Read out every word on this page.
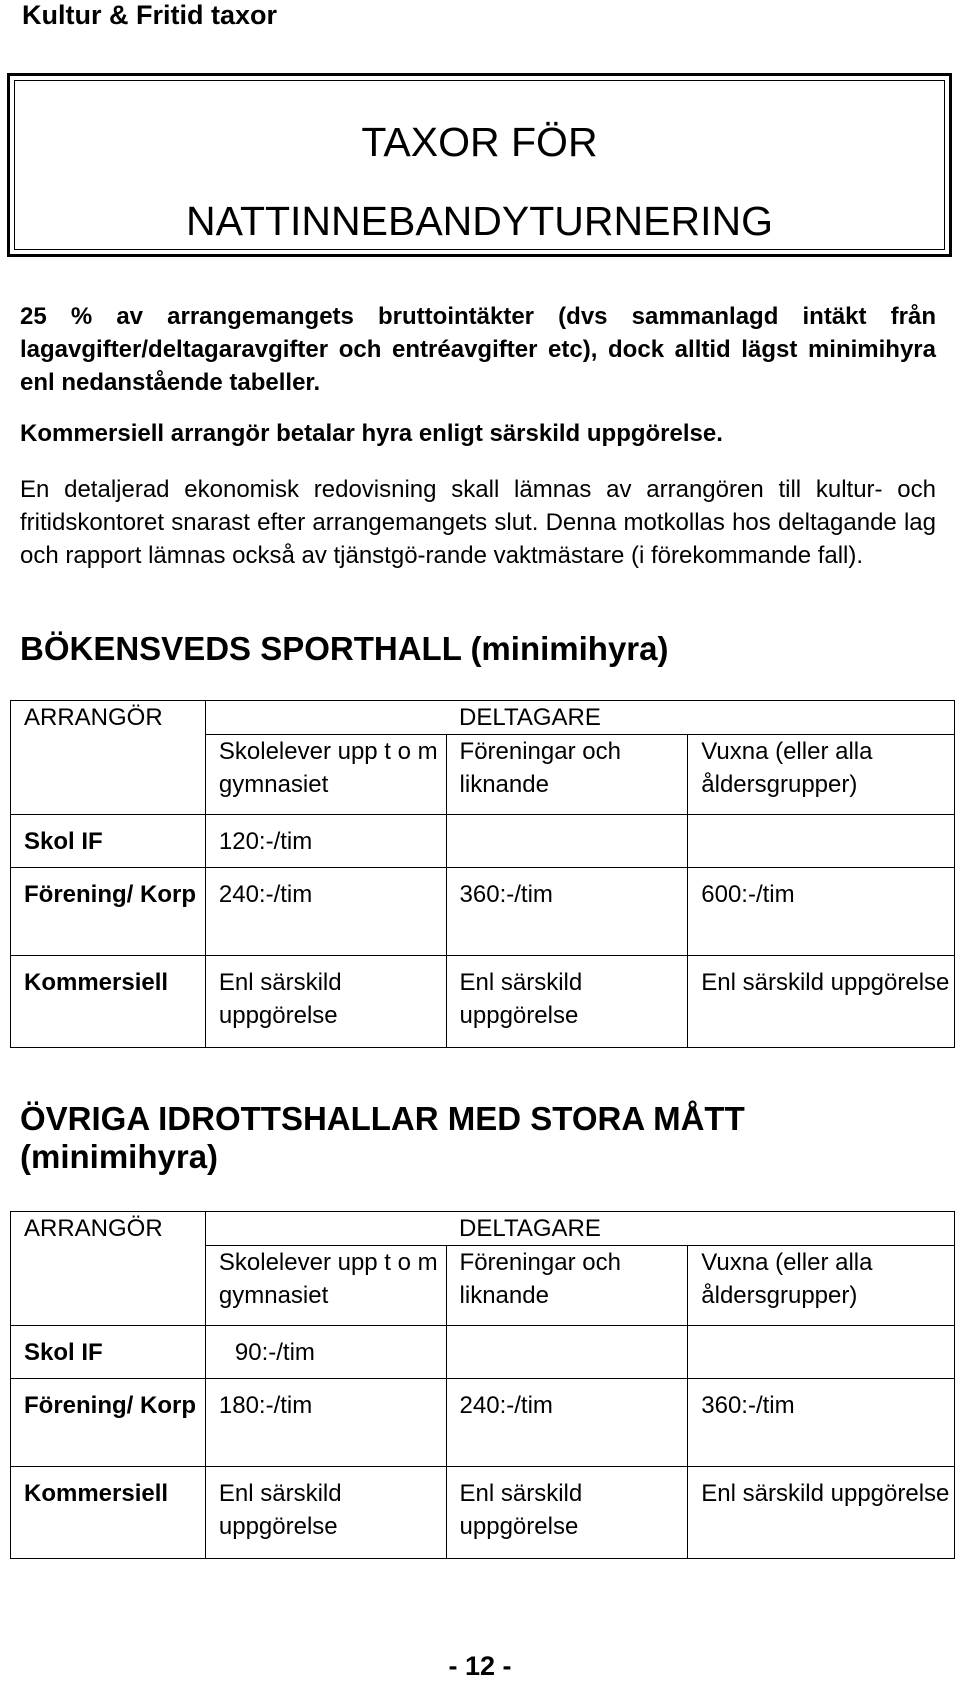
Kultur & Fritid taxor
TAXOR FÖR
NATTINNEBANDYTURNERING

25 % av arrangemangets bruttointäkter (dvs sammanlagd intäkt från lagavgifter/deltagaravgifter och entréavgifter etc), dock alltid lägst minimihyra enl nedanstående tabeller.

Kommersiell arrangör betalar hyra enligt särskild uppgörelse.

En detaljerad ekonomisk redovisning skall lämnas av arrangören till kultur- och fritidskontoret snarast efter arrangemangets slut. Denna motkollas hos deltagande lag och rapport lämnas också av tjänstgö-rande vaktmästare (i förekommande fall).

BÖKENSVEDS SPORTHALL (minimihyra)
ARRANGÖR		DELTAGARE	
	Skolelever upp t o m gymnasiet	Föreningar och liknande	Vuxna (eller alla åldersgrupper)
Skol IF	120:-/tim		
Förening/ Korp	240:-/tim	360:-/tim	600:-/tim
Kommersiell	Enl särskild uppgörelse	Enl särskild uppgörelse	Enl särskild uppgörelse
ÖVRIGA IDROTTSHALLAR MED STORA MÅTT (minimihyra)
ARRANGÖR		DELTAGARE	
	Skolelever upp t o m gymnasiet	Föreningar och liknande	Vuxna (eller alla åldersgrupper)
Skol IF	90:-/tim		
Förening/ Korp	180:-/tim	240:-/tim	360:-/tim
Kommersiell	Enl särskild uppgörelse	Enl särskild uppgörelse	Enl särskild uppgörelse
- 12 -
